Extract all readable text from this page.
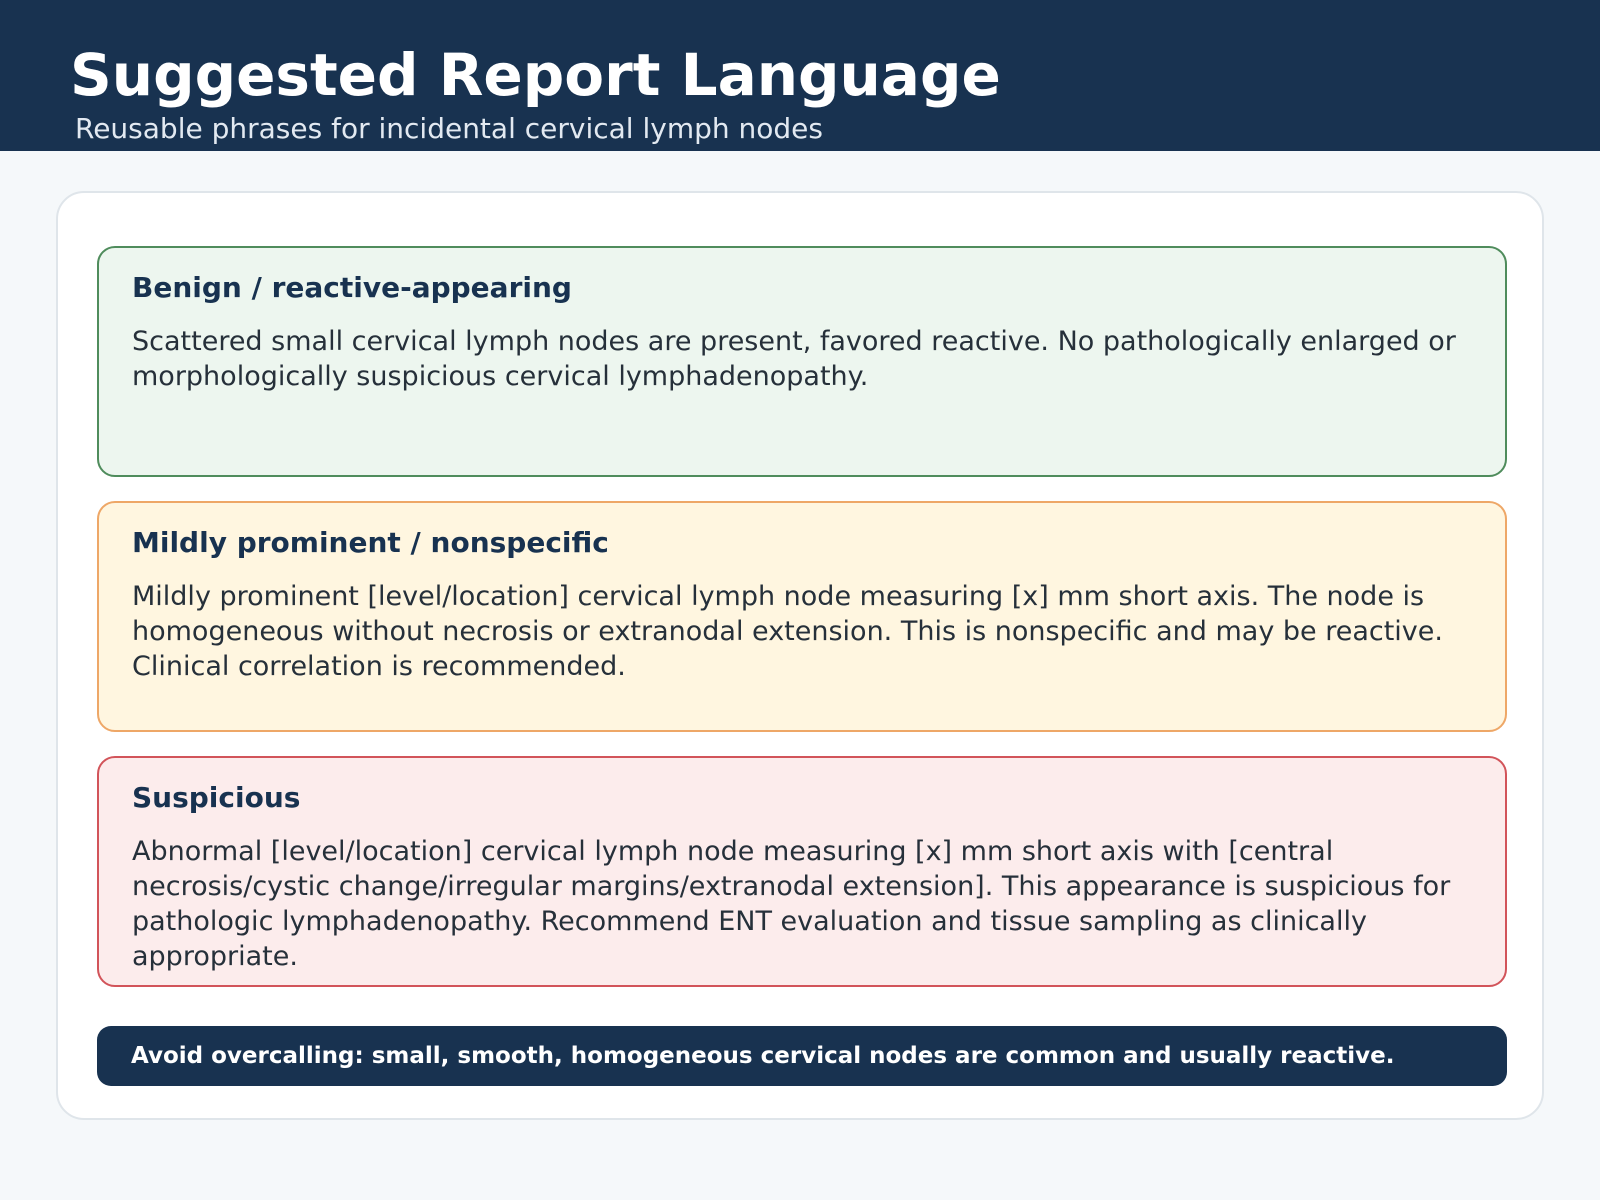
Suggested Report Language

Reusable phrases for incidental cervical lymph nodes

Benign / reactive-appearing

Scattered small cervical lymph nodes are present, favored reactive. No pathologically enlarged or morphologically suspicious cervical lymphadenopathy.

Mildly prominent / nonspecific

Mildly prominent [level/location] cervical lymph node measuring [x] mm short axis. The node is homogeneous without necrosis or extranodal extension. This is nonspecific and may be reactive. Clinical correlation is recommended.

Suspicious

Abnormal [level/location] cervical lymph node measuring [x] mm short axis with [central necrosis/cystic change/irregular margins/extranodal extension]. This appearance is suspicious for pathologic lymphadenopathy. Recommend ENT evaluation and tissue sampling as clinically appropriate.

Avoid overcalling: small, smooth, homogeneous cervical nodes are common and usually reactive.
